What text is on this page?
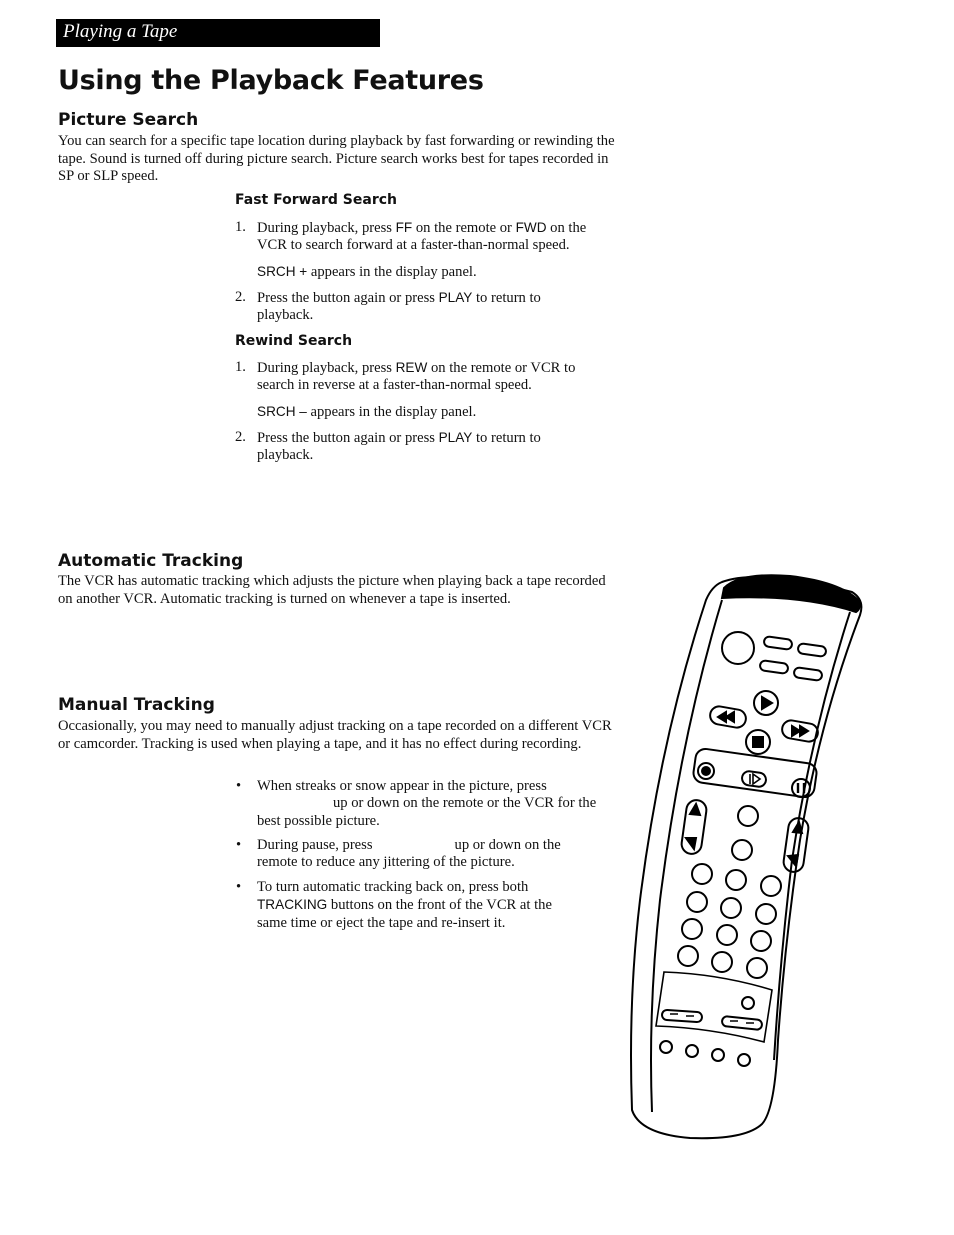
Playing a Tape
Using the Playback Features
Picture Search

You can search for a specific tape location during playback by fast forwarding or rewinding the tape. Sound is turned off during picture search. Picture search works best for tapes recorded in SP or SLP speed.

Fast Forward Search

1. During playback, press FF on the remote or FWD on the VCR to search forward at a faster-than-normal speed.

SRCH + appears in the display panel.

2. Press the button again or press PLAY to return to playback.

Rewind Search

1. During playback, press REW on the remote or VCR to search in reverse at a faster-than-normal speed.

SRCH – appears in the display panel.

2. Press the button again or press PLAY to return to playback.

Automatic Tracking

The VCR has automatic tracking which adjusts the picture when playing back a tape recorded on another VCR. Automatic tracking is turned on whenever a tape is inserted.

Manual Tracking

Occasionally, you may need to manually adjust tracking on a tape recorded on a different VCR or camcorder. Tracking is used when playing a tape, and it has no effect during recording.

• When streaks or snow appear in the picture, press
up or down on the remote or the VCR for the best possible picture.
• During pause, press	up or down on the remote to reduce any jittering of the picture.
• To turn automatic tracking back on, press both TRACKING buttons on the front of the VCR at the same time or eject the tape and re-insert it.
